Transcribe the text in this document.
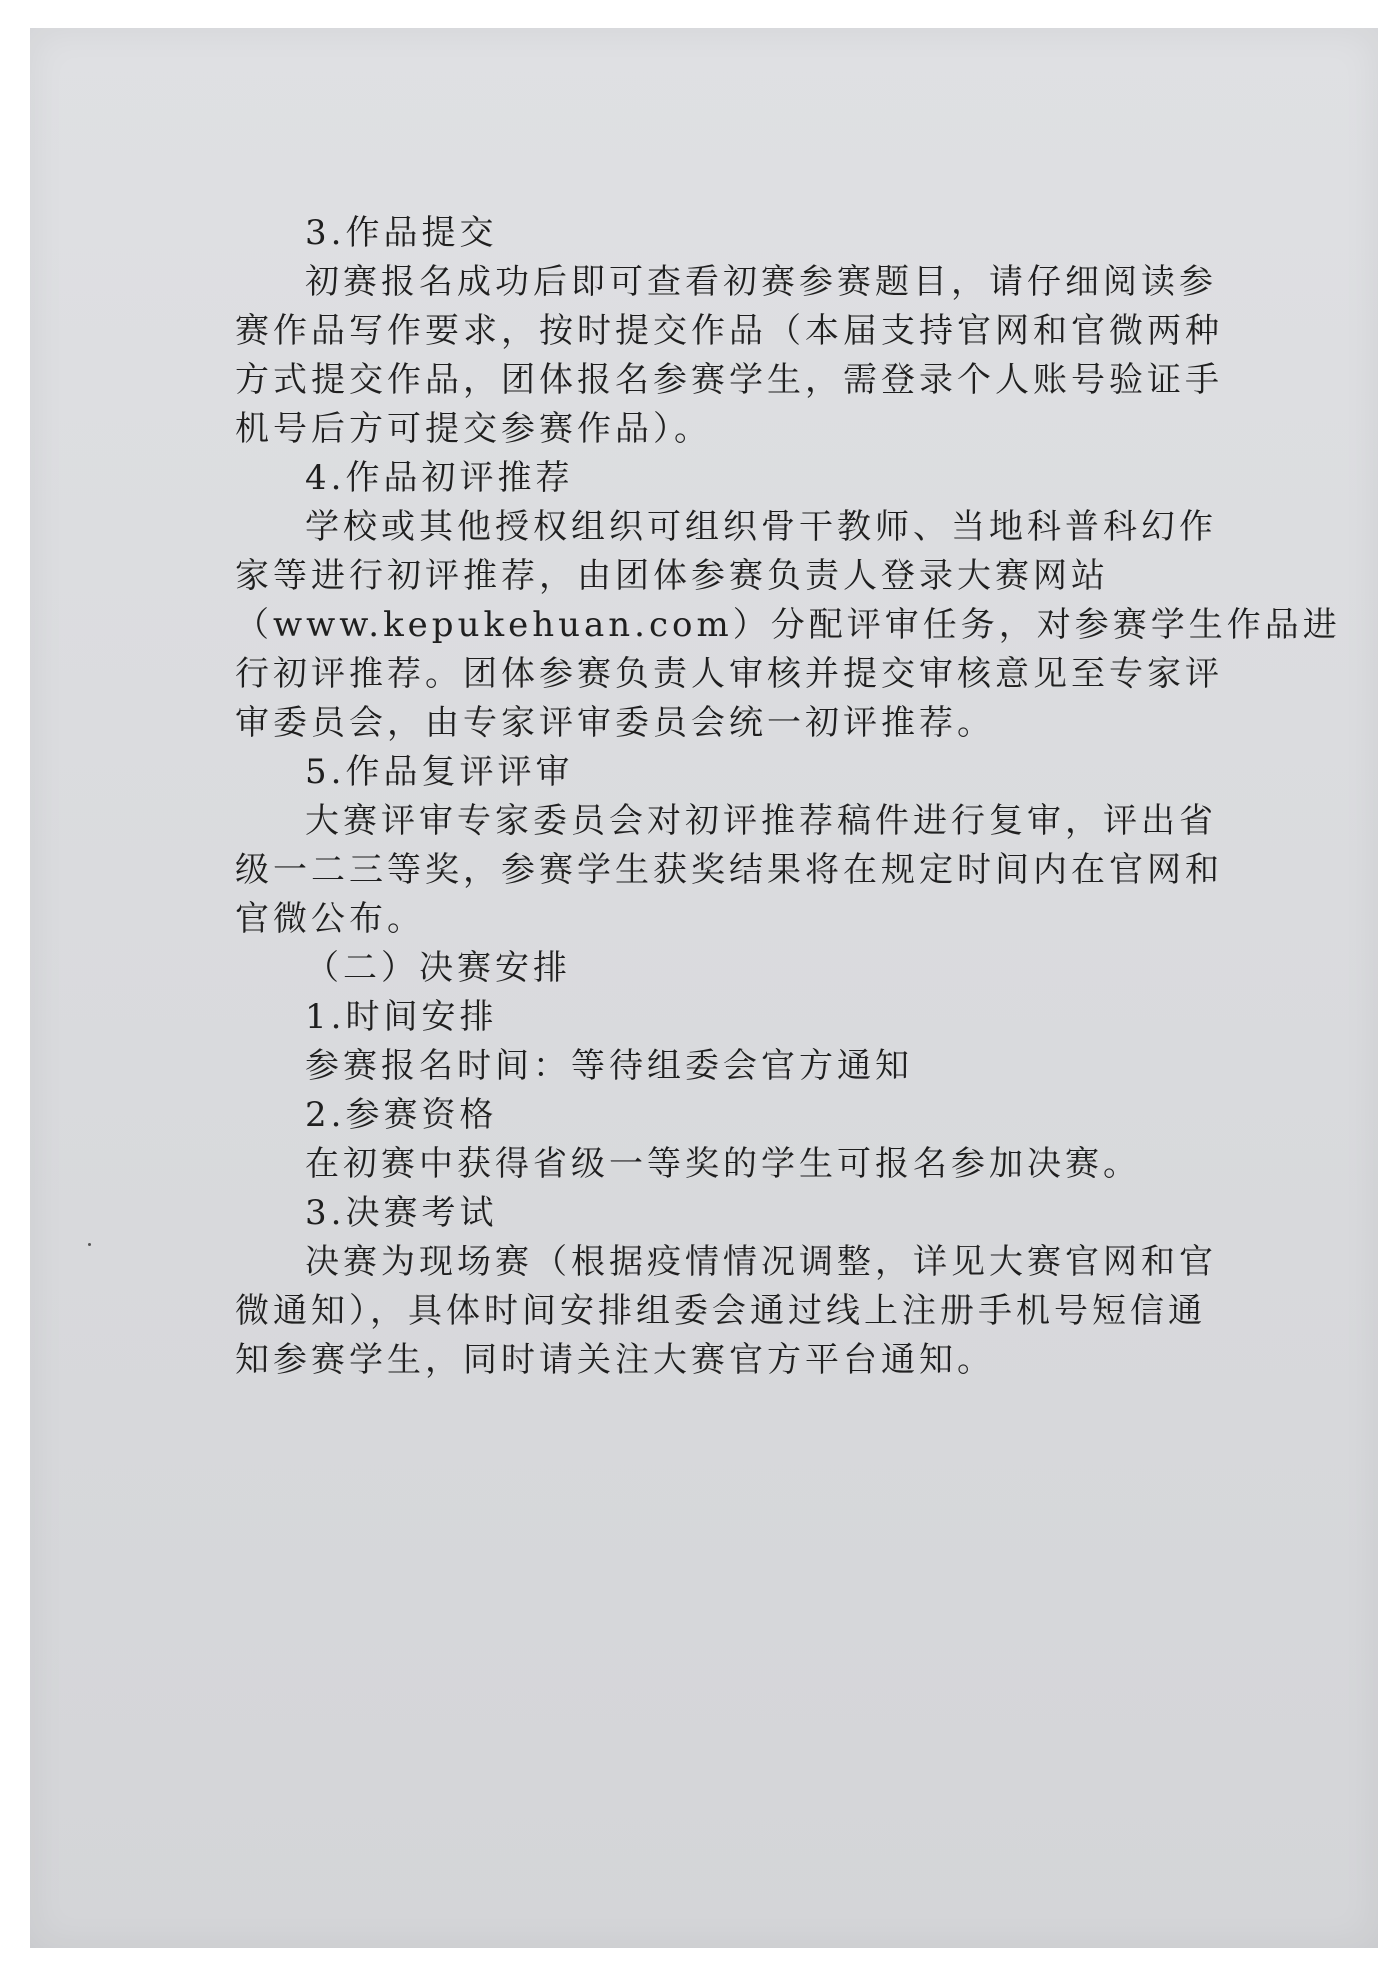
3.作品提交
初赛报名成功后即可查看初赛参赛题目，请仔细阅读参
赛作品写作要求，按时提交作品（本届支持官网和官微两种
方式提交作品，团体报名参赛学生，需登录个人账号验证手
机号后方可提交参赛作品）。
4.作品初评推荐
学校或其他授权组织可组织骨干教师、当地科普科幻作
家等进行初评推荐，由团体参赛负责人登录大赛网站
（www.kepukehuan.com）分配评审任务，对参赛学生作品进
行初评推荐。团体参赛负责人审核并提交审核意见至专家评
审委员会，由专家评审委员会统一初评推荐。
5.作品复评评审
大赛评审专家委员会对初评推荐稿件进行复审，评出省
级一二三等奖，参赛学生获奖结果将在规定时间内在官网和
官微公布。
（二）决赛安排
1.时间安排
参赛报名时间：等待组委会官方通知
2.参赛资格
在初赛中获得省级一等奖的学生可报名参加决赛。
3.决赛考试
决赛为现场赛（根据疫情情况调整，详见大赛官网和官
微通知），具体时间安排组委会通过线上注册手机号短信通
知参赛学生，同时请关注大赛官方平台通知。
